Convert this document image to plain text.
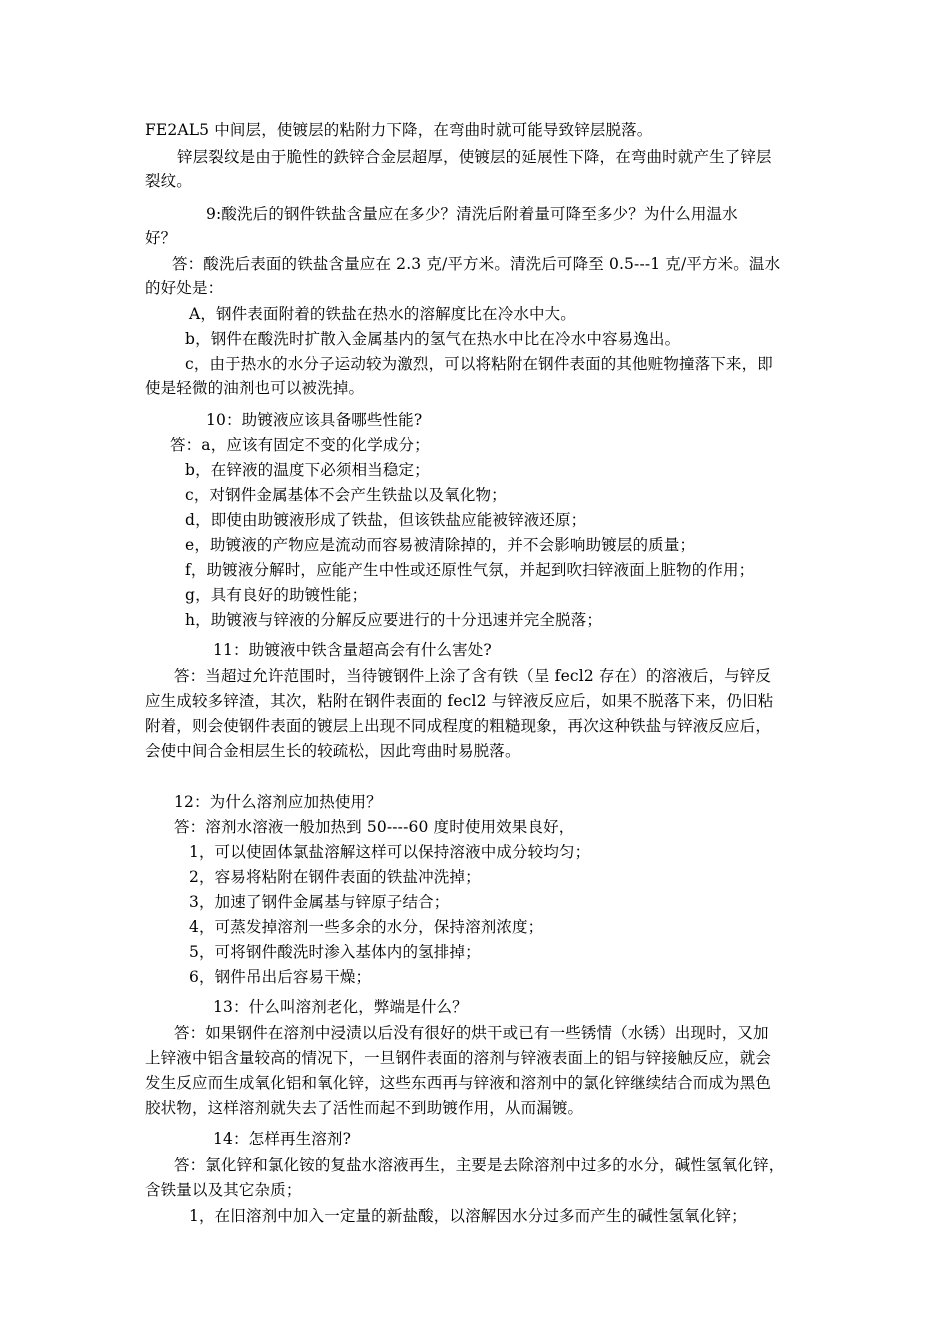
FE2AL5 中间层，使镀层的粘附力下降，在弯曲时就可能导致锌层脱落。
锌层裂纹是由于脆性的鉄锌合金层超厚，使镀层的延展性下降，在弯曲时就产生了锌层
裂纹。
9:酸洗后的钢件铁盐含量应在多少？清洗后附着量可降至多少？为什么用温水
好？
答：酸洗后表面的铁盐含量应在 2.3 克/平方米。清洗后可降至 0.5---1 克/平方米。温水
的好处是：
A，钢件表面附着的铁盐在热水的溶解度比在冷水中大。
b，钢件在酸洗时扩散入金属基内的氢气在热水中比在冷水中容易逸出。
c，由于热水的水分子运动较为激烈，可以将粘附在钢件表面的其他赃物撞落下来，即
使是轻微的油剂也可以被洗掉。
10：助镀液应该具备哪些性能?
答：a，应该有固定不变的化学成分；
b，在锌液的温度下必须相当稳定；
c，对钢件金属基体不会产生铁盐以及氧化物；
d，即使由助镀液形成了铁盐，但该铁盐应能被锌液还原；
e，助镀液的产物应是流动而容易被清除掉的，并不会影响助镀层的质量；
f，助镀液分解时，应能产生中性或还原性气氛，并起到吹扫锌液面上脏物的作用；
g，具有良好的助镀性能；
h，助镀液与锌液的分解反应要进行的十分迅速并完全脱落；
11：助镀液中铁含量超高会有什么害处?
答：当超过允许范围时，当待镀钢件上涂了含有铁（呈 fecl2 存在）的溶液后，与锌反
应生成较多锌渣，其次，粘附在钢件表面的 fecl2 与锌液反应后，如果不脱落下来，仍旧粘
附着，则会使钢件表面的镀层上出现不同成程度的粗糙现象，再次这种铁盐与锌液反应后，
会使中间合金相层生长的较疏松，因此弯曲时易脱落。
12：为什么溶剂应加热使用？
答：溶剂水溶液一般加热到 50----60 度时使用效果良好，
1，可以使固体氯盐溶解这样可以保持溶液中成分较均匀；
2，容易将粘附在钢件表面的铁盐冲洗掉；
3，加速了钢件金属基与锌原子结合；
4，可蒸发掉溶剂一些多余的水分，保持溶剂浓度；
5，可将钢件酸洗时渗入基体内的氢排掉；
6，钢件吊出后容易干燥；
13：什么叫溶剂老化，弊端是什么？
答：如果钢件在溶剂中浸渍以后没有很好的烘干或已有一些锈情（水锈）出现时，又加
上锌液中铝含量较高的情况下，一旦钢件表面的溶剂与锌液表面上的铝与锌接触反应，就会
发生反应而生成氧化铝和氧化锌，这些东西再与锌液和溶剂中的氯化锌继续结合而成为黑色
胶状物，这样溶剂就失去了活性而起不到助镀作用，从而漏镀。
14：怎样再生溶剂?
答：氯化锌和氯化铵的复盐水溶液再生，主要是去除溶剂中过多的水分，碱性氢氧化锌，
含铁量以及其它杂质；
1，在旧溶剂中加入一定量的新盐酸，以溶解因水分过多而产生的碱性氢氧化锌；
